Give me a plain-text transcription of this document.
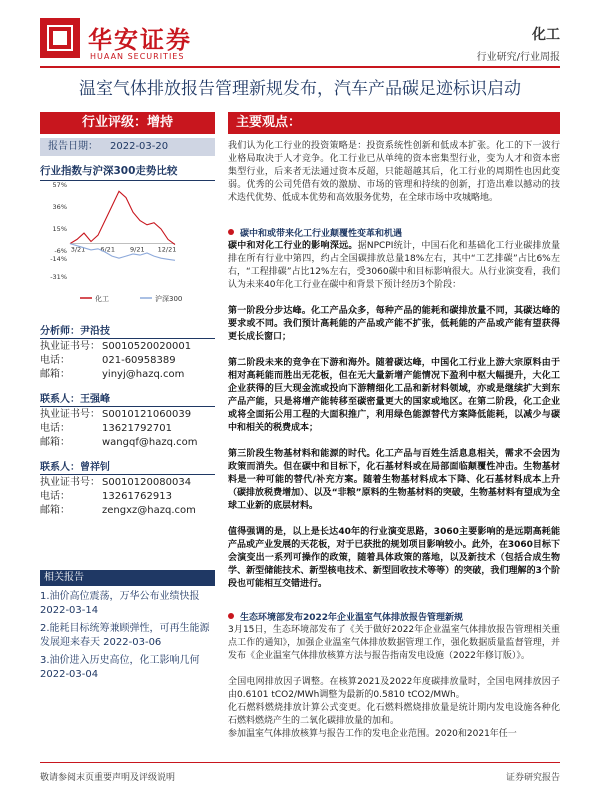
华安证券
HUAAN SECURITIES
化工
行业研究/行业周报
温室气体排放报告管理新规发布，汽车产品碳足迹标识启动
行业评级：增持
报告日期： 2022-03-20
行业指数与沪深300走势比较
57%
36%
15%
-6%
-14%
-31%
3/21 6/21 9/21 12/21
化工	沪深300
分析师：尹沿技
执业证书号： S0010520020001
电话：	021-60958389
邮箱：	yinyj@hazq.com
联系人：王强峰
执业证书号： S0010121060039
电话：	13621792701
邮箱：	wangqf@hazq.com
联系人：曾祥钊
执业证书号： S0010120080034
电话：	13261762913
邮箱：	zengxz@hazq.com
相关报告
1.油价高位震荡，万华公布业绩快报 2022-03-14
2.能耗目标统筹兼顾弹性，可再生能源发展迎来春天 2022-03-06
3.油价进入历史高位，化工影响几何 2022-03-04
主要观点：
我们认为化工行业的投资策略是：投资系统性创新和低成本扩张。化工的下一波行业格局取决于人才竞争。化工行业已从单纯的资本密集型行业，变为人才和资本密集型行业，后来者无法通过资本反超，只能超越其后，化工行业的周期性也因此变弱。优秀的公司凭借有效的激励、市场的管理和持续的创新，打造出难以撼动的技术迭代优势、低成本优势和高效服务优势，在全球市场中攻城略地。
碳中和或带来化工行业颠覆性变革和机遇
碳中和对化工行业的影响深远。据NPCPI统计，中国石化和基础化工行业碳排放量排在所有行业中第四，约占全国碳排放总量18%左右，其中“工艺排碳”占比6%左右，“工程排碳”占比12%左右，受3060碳中和目标影响很大。从行业演变看，我们认为未来40年化工行业在碳中和背景下预计经历3个阶段：
第一阶段分步达峰。化工产品众多，每种产品的能耗和碳排放量不同，其碳达峰的要求或不同。我们预计高耗能的产品或产能不扩张，低耗能的产品或产能有望获得更长成长窗口；
第二阶段未来的竞争在下游和海外。随着碳达峰，中国化工行业上游大宗原料由于相对高耗能而胜出无花板，但在无大量新增产能情况下盈利中枢大幅提升，大化工企业获得的巨大现金流或投向下游精细化工品和新材料领域，亦或是继续扩大到东产品产能，只是将增产能转移至碳密量更大的国家或地区。在第二阶段，化工企业或将全面拓公用工程的大面积推广，利用绿色能源替代方案降低能耗，以减少与碳中和相关的税费成本；
第三阶段生物基材料和能源的时代。化工产品与百姓生活息息相关，需求不会因为政策而消失。但在碳中和目标下，化石基材料或在局部面临颠覆性冲击。生物基材料是一种可能的替代/补充方案。随着生物基材料成本下降、化石基材料成本上升（碳排放税费增加）、以及“非粮”原料的生物基材料的突破，生物基材料有望成为全球工业新的底层材料。
值得强调的是，以上是长达40年的行业演变思路，3060主要影响的是远期高耗能产品或产业发展的天花板，对于已获批的规划项目影响较小。此外，在3060目标下会演变出一系列可操作的政策，随着具体政策的落地，以及新技术（包括合成生物学、新型储能技术、新型核电技术、新型回收技术等等）的突破，我们理解的3个阶段也可能相互交错进行。
生态环境部发布2022年企业温室气体排放报告管理新规
3月15日，生态环境部发布了《关于做好2022年企业温室气体排放报告管理相关重点工作的通知》，加强企业温室气体排放数据管理工作，强化数据质量监督管理，并发布《企业温室气体排放核算方法与报告指南发电设施（2022年修订版）》。
全国电网排放因子调整。在核算2021及2022年度碳排放量时，全国电网排放因子由0.6101 tCO2/MWh调整为最新的0.5810 tCO2/MWh。
化石燃料燃烧排放计算公式变更。化石燃料燃烧排放量是统计期内发电设施各种化石燃料燃烧产生的二氧化碳排放量的加和。
参加温室气体排放核算与报告工作的发电企业范围。2020和2021年任一
敬请参阅末页重要声明及评级说明	证券研究报告
